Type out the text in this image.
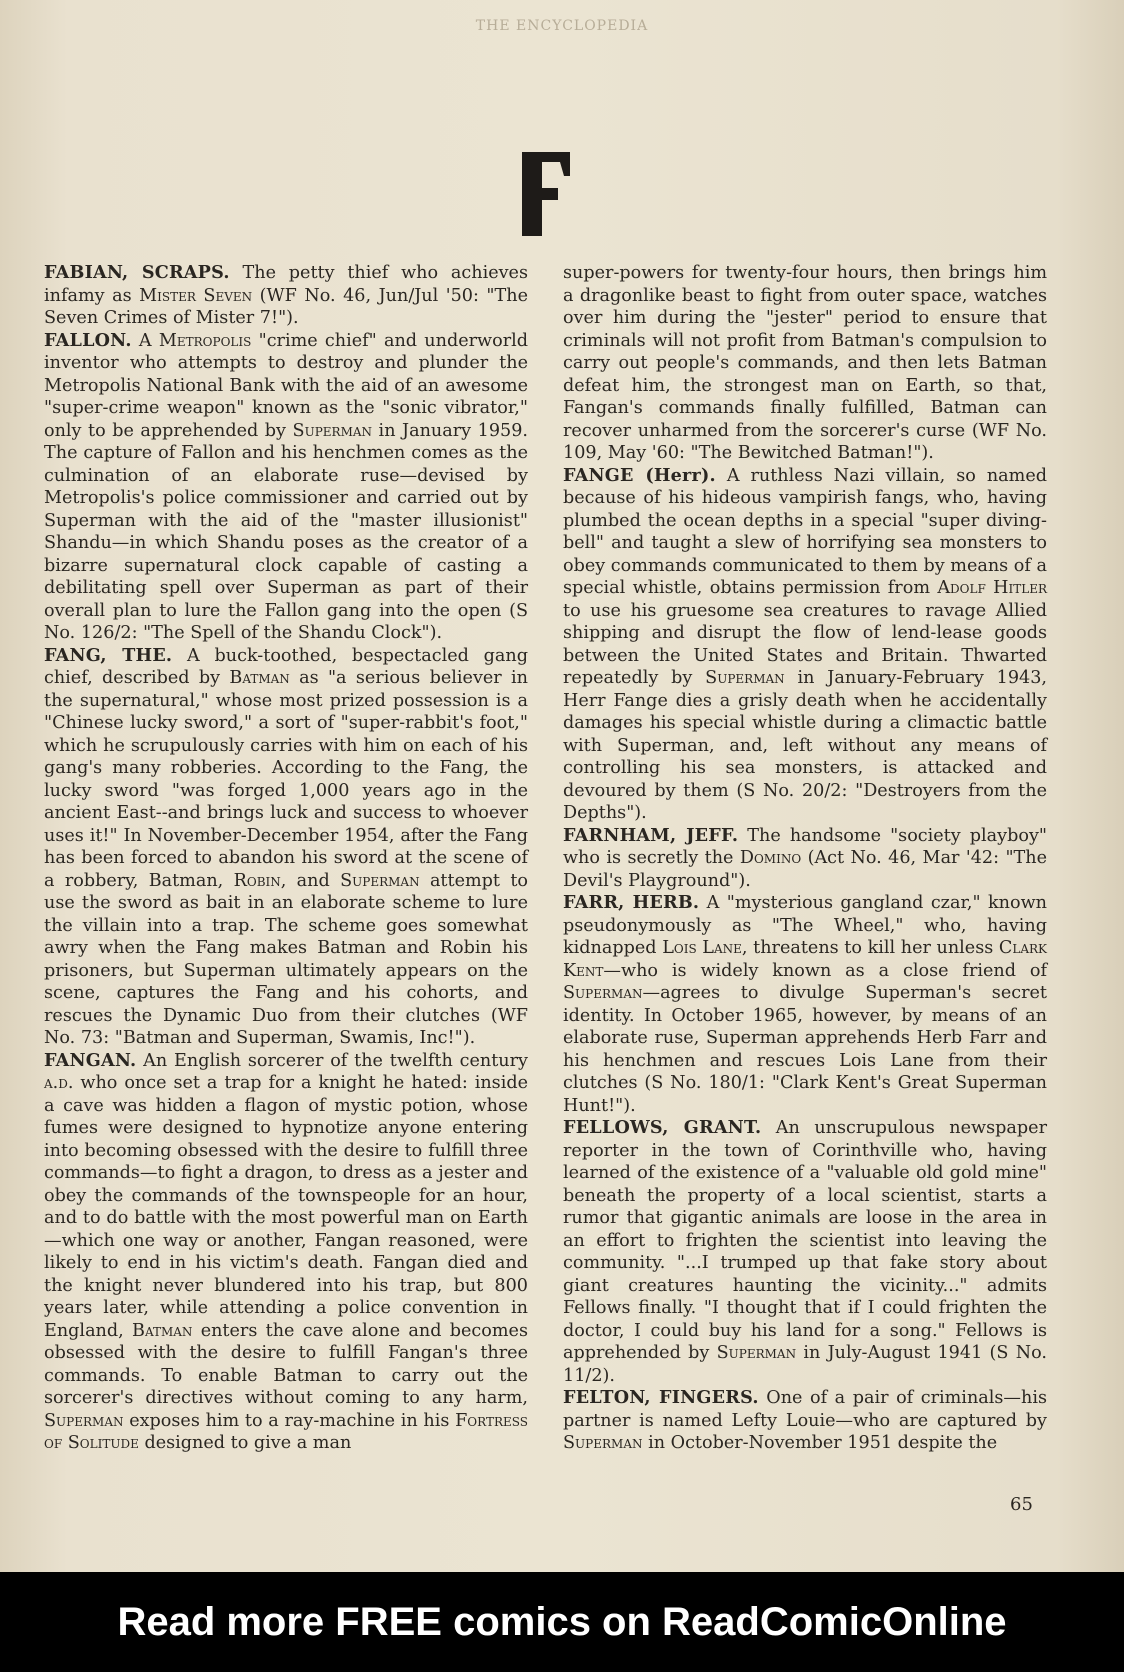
THE ENCYCLOPEDIA

FABIAN, SCRAPS. The petty thief who achieves infamy as Mister Seven (WF No. 46, Jun/Jul '50: "The Seven Crimes of Mister 7!").

FALLON. A Metropolis "crime chief" and underworld inventor who attempts to destroy and plunder the Metropolis National Bank with the aid of an awesome "super-crime weapon" known as the "sonic vibrator," only to be apprehended by Superman in January 1959. The capture of Fallon and his henchmen comes as the culmination of an elaborate ruse—devised by Metropolis's police commissioner and carried out by Superman with the aid of the "master illusionist" Shandu—in which Shandu poses as the creator of a bizarre supernatural clock capable of casting a debilitating spell over Superman as part of their overall plan to lure the Fallon gang into the open (S No. 126/2: "The Spell of the Shandu Clock").

FANG, THE. A buck-toothed, bespectacled gang chief, described by Batman as "a serious believer in the supernatural," whose most prized possession is a "Chinese lucky sword," a sort of "super-rabbit's foot," which he scrupulously carries with him on each of his gang's many robberies. According to the Fang, the lucky sword "was forged 1,000 years ago in the ancient East--and brings luck and success to whoever uses it!" In November-December 1954, after the Fang has been forced to abandon his sword at the scene of a robbery, Batman, Robin, and Superman attempt to use the sword as bait in an elaborate scheme to lure the villain into a trap. The scheme goes somewhat awry when the Fang makes Batman and Robin his prisoners, but Superman ultimately appears on the scene, captures the Fang and his cohorts, and rescues the Dynamic Duo from their clutches (WF No. 73: "Batman and Superman, Swamis, Inc!").

FANGAN. An English sorcerer of the twelfth century a.d. who once set a trap for a knight he hated: inside a cave was hidden a flagon of mystic potion, whose fumes were designed to hypnotize anyone entering into becoming obsessed with the desire to fulfill three commands—to fight a dragon, to dress as a jester and obey the commands of the townspeople for an hour, and to do battle with the most powerful man on Earth—which one way or another, Fangan reasoned, were likely to end in his victim's death. Fangan died and the knight never blundered into his trap, but 800 years later, while attending a police convention in England, Batman enters the cave alone and becomes obsessed with the desire to fulfill Fangan's three commands. To enable Batman to carry out the sorcerer's directives without coming to any harm, Superman exposes him to a ray-machine in his Fortress of Solitude designed to give a man

super-powers for twenty-four hours, then brings him a dragonlike beast to fight from outer space, watches over him during the "jester" period to ensure that criminals will not profit from Batman's compulsion to carry out people's commands, and then lets Batman defeat him, the strongest man on Earth, so that, Fangan's commands finally fulfilled, Batman can recover unharmed from the sorcerer's curse (WF No. 109, May '60: "The Bewitched Batman!").

FANGE (Herr). A ruthless Nazi villain, so named because of his hideous vampirish fangs, who, having plumbed the ocean depths in a special "super diving-bell" and taught a slew of horrifying sea monsters to obey commands communicated to them by means of a special whistle, obtains permission from Adolf Hitler to use his gruesome sea creatures to ravage Allied shipping and disrupt the flow of lend-lease goods between the United States and Britain. Thwarted repeatedly by Superman in January-February 1943, Herr Fange dies a grisly death when he accidentally damages his special whistle during a climactic battle with Superman, and, left without any means of controlling his sea monsters, is attacked and devoured by them (S No. 20/2: "Destroyers from the Depths").

FARNHAM, JEFF. The handsome "society playboy" who is secretly the Domino (Act No. 46, Mar '42: "The Devil's Playground").

FARR, HERB. A "mysterious gangland czar," known pseudonymously as "The Wheel," who, having kidnapped Lois Lane, threatens to kill her unless Clark Kent—who is widely known as a close friend of Superman—agrees to divulge Superman's secret identity. In October 1965, however, by means of an elaborate ruse, Superman apprehends Herb Farr and his henchmen and rescues Lois Lane from their clutches (S No. 180/1: "Clark Kent's Great Superman Hunt!").

FELLOWS, GRANT. An unscrupulous newspaper reporter in the town of Corinthville who, having learned of the existence of a "valuable old gold mine" beneath the property of a local scientist, starts a rumor that gigantic animals are loose in the area in an effort to frighten the scientist into leaving the community. "...I trumped up that fake story about giant creatures haunting the vicinity..." admits Fellows finally. "I thought that if I could frighten the doctor, I could buy his land for a song." Fellows is apprehended by Superman in July-August 1941 (S No. 11/2).

FELTON, FINGERS. One of a pair of criminals—his partner is named Lefty Louie—who are captured by Superman in October-November 1951 despite the

65
Read more FREE comics on ReadComicOnline
